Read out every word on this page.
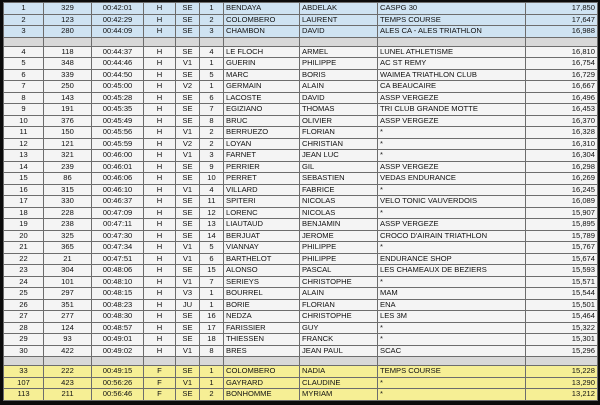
1	329	00:42:01	H	SE	1	BENDAYA	ABDELAK	CASPG 30	17,850
2	123	00:42:29	H	SE	2	COLOMBERO	LAURENT	TEMPS COURSE	17,647
3	280	00:44:09	H	SE	3	CHAMBON	DAVID	ALES CA - ALES TRIATHLON	16,988

4	118	00:44:37	H	SE	4	LE FLOCH	ARMEL	LUNEL ATHLETISME	16,810
5	348	00:44:46	H	V1	1	GUERIN	PHILIPPE	AC ST REMY	16,754
6	339	00:44:50	H	SE	5	MARC	BORIS	WAIMEA TRIATHLON CLUB	16,729
7	250	00:45:00	H	V2	1	GERMAIN	ALAIN	CA BEAUCAIRE	16,667
8	143	00:45:28	H	SE	6	LACOSTE	DAVID	ASSP VERGEZE	16,496
9	191	00:45:35	H	SE	7	EGIZIANO	THOMAS	TRI CLUB GRANDE MOTTE	16,453
10	376	00:45:49	H	SE	8	BRUC	OLIVIER	ASSP VERGEZE	16,370
11	150	00:45:56	H	V1	2	BERRUEZO	FLORIAN	*	16,328
12	121	00:45:59	H	V2	2	LOYAN	CHRISTIAN	*	16,310
13	321	00:46:00	H	V1	3	FARNET	JEAN LUC	*	16,304
14	239	00:46:01	H	SE	9	PERRIER	GIL	ASSP VERGEZE	16,298
15	86	00:46:06	H	SE	10	PERRET	SEBASTIEN	VEDAS ENDURANCE	16,269
16	315	00:46:10	H	V1	4	VILLARD	FABRICE	*	16,245
17	330	00:46:37	H	SE	11	SPITERI	NICOLAS	VELO TONIC VAUVERDOIS	16,089
18	228	00:47:09	H	SE	12	LORENC	NICOLAS	*	15,907
19	238	00:47:11	H	SE	13	LIAUTAUD	BENJAMIN	ASSP VERGEZE	15,895
20	325	00:47:30	H	SE	14	BERJUAT	JEROME	CROCO D'AIRAIN TRIATHLON	15,789
21	365	00:47:34	H	V1	5	VIANNAY	PHILIPPE	*	15,767
22	21	00:47:51	H	V1	6	BARTHELOT	PHILIPPE	ENDURANCE SHOP	15,674
23	304	00:48:06	H	SE	15	ALONSO	PASCAL	LES CHAMEAUX DE BEZIERS	15,593
24	101	00:48:10	H	V1	7	SERIEYS	CHRISTOPHE	*	15,571
25	297	00:48:15	H	V3	1	BOURREL	ALAIN	MAM	15,544
26	351	00:48:23	H	JU	1	BORIE	FLORIAN	ENA	15,501
27	277	00:48:30	H	SE	16	NEDZA	CHRISTOPHE	LES 3M	15,464
28	124	00:48:57	H	SE	17	FARISSIER	GUY	*	15,322
29	93	00:49:01	H	SE	18	THIESSEN	FRANCK	*	15,301
30	422	00:49:02	H	V1	8	BRES	JEAN PAUL	SCAC	15,296

33	222	00:49:15	F	SE	1	COLOMBERO	NADIA	TEMPS COURSE	15,228
107	423	00:56:26	F	V1	1	GAYRARD	CLAUDINE	*	13,290
113	211	00:56:46	F	SE	2	BONHOMME	MYRIAM	*	13,212
